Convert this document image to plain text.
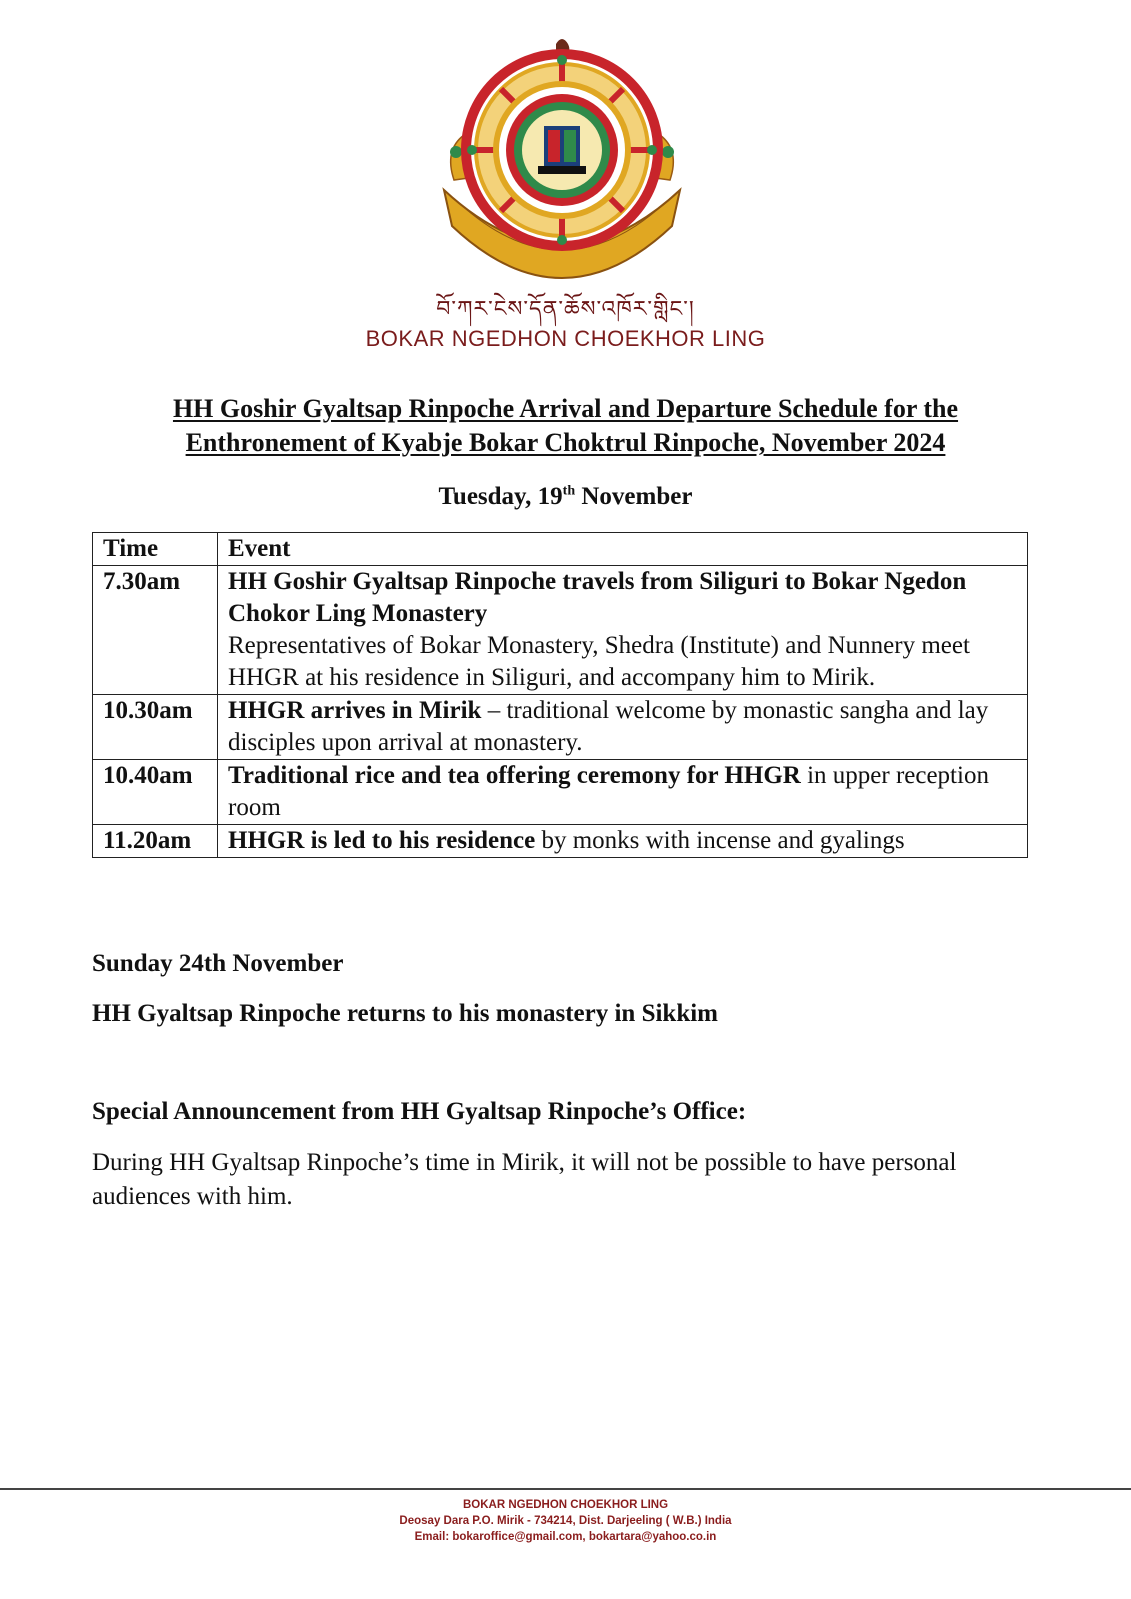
བོ་ཀར་ངེས་དོན་ཆོས་འཁོར་གླིང་།
BOKAR NGEDHON CHOEKHOR LING
HH Goshir Gyaltsap Rinpoche Arrival and Departure Schedule for the
Enthronement of Kyabje Bokar Choktrul Rinpoche, November 2024
Tuesday, 19th November
Time	Event
7.30am	HH Goshir Gyaltsap Rinpoche travels from Siliguri to Bokar Ngedon Chokor Ling Monastery
Representatives of Bokar Monastery, Shedra (Institute) and Nunnery meet HHGR at his residence in Siliguri, and accompany him to Mirik.
10.30am	HHGR arrives in Mirik – traditional welcome by monastic sangha and lay disciples upon arrival at monastery.
10.40am	Traditional rice and tea offering ceremony for HHGR in upper reception room
11.20am	HHGR is led to his residence by monks with incense and gyalings
Sunday 24th November
HH Gyaltsap Rinpoche returns to his monastery in Sikkim
Special Announcement from HH Gyaltsap Rinpoche’s Office:
During HH Gyaltsap Rinpoche’s time in Mirik, it will not be possible to have personal audiences with him.
BOKAR NGEDHON CHOEKHOR LING
Deosay Dara P.O. Mirik - 734214, Dist. Darjeeling ( W.B.) India
Email: bokaroffice@gmail.com, bokartara@yahoo.co.in
